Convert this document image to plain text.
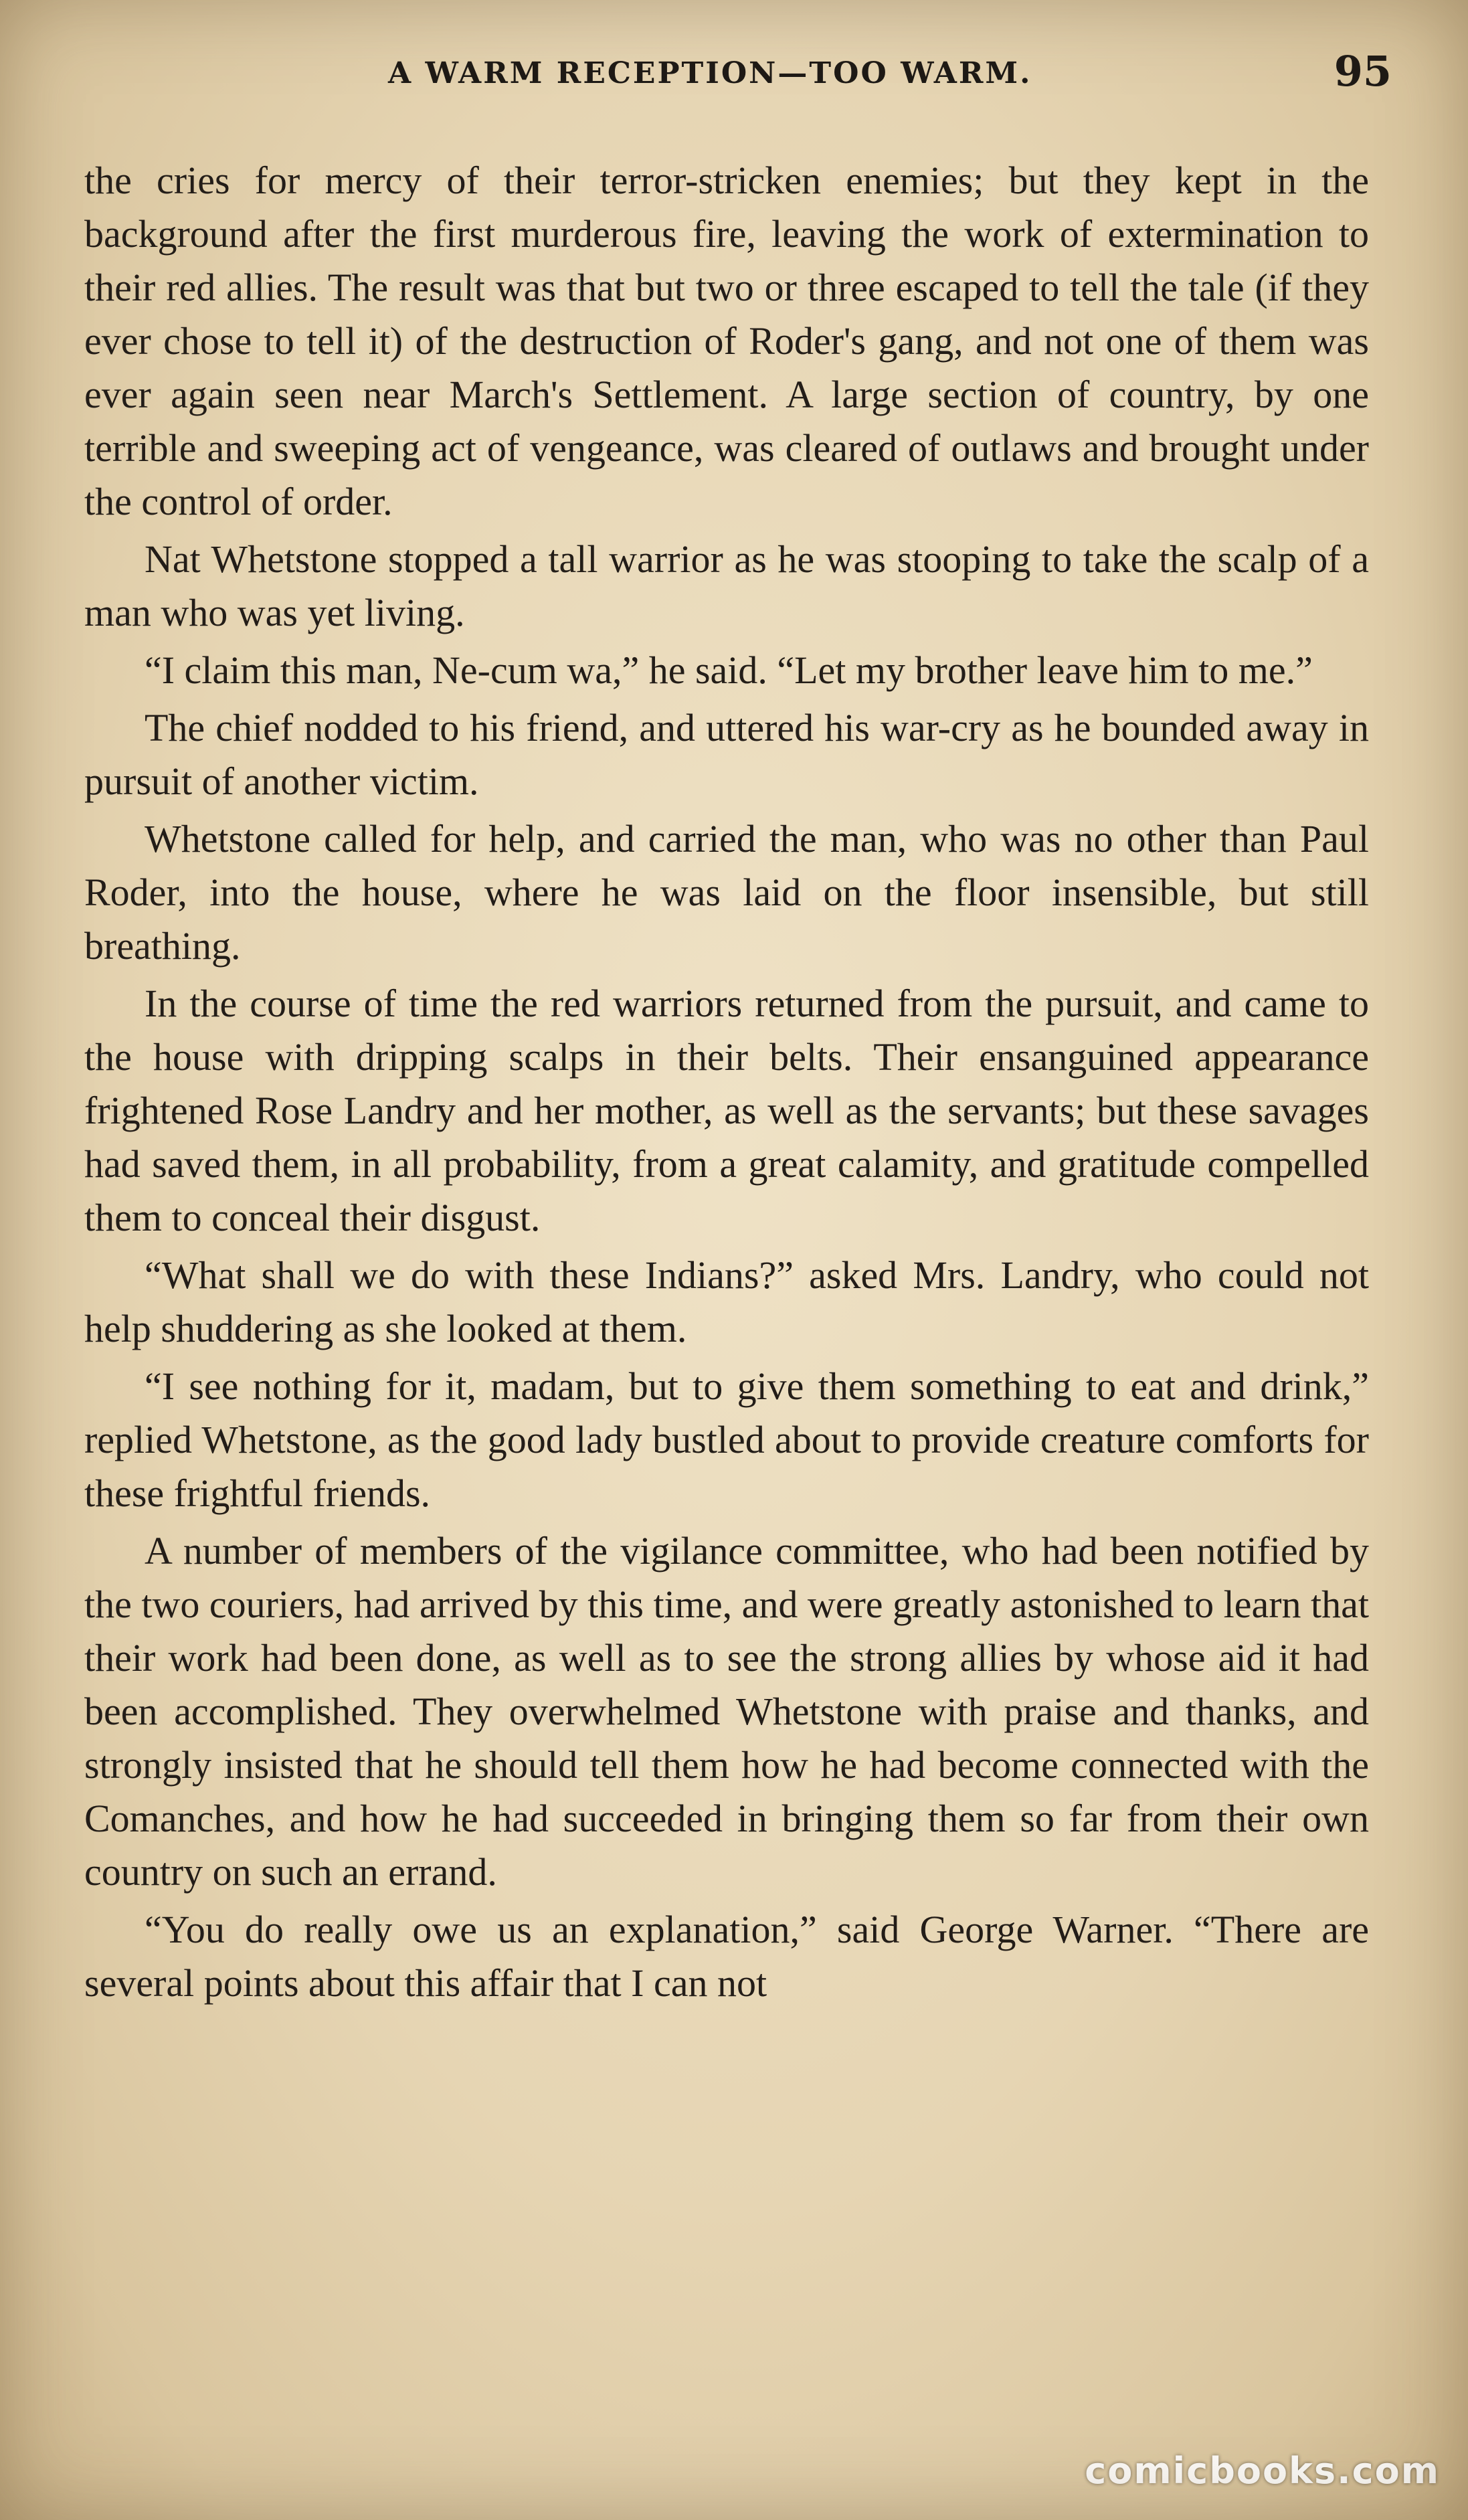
A WARM RECEPTION—TOO WARM.	95

the cries for mercy of their terror-stricken enemies; but they kept in the background after the first murderous fire, leaving the work of extermination to their red allies. The result was that but two or three escaped to tell the tale (if they ever chose to tell it) of the destruction of Roder's gang, and not one of them was ever again seen near March's Settlement. A large section of country, by one terrible and sweeping act of vengeance, was cleared of outlaws and brought under the control of order.

Nat Whetstone stopped a tall warrior as he was stooping to take the scalp of a man who was yet living.

“I claim this man, Ne-cum wa,” he said. “Let my brother leave him to me.”

The chief nodded to his friend, and uttered his war-cry as he bounded away in pursuit of another victim.

Whetstone called for help, and carried the man, who was no other than Paul Roder, into the house, where he was laid on the floor insensible, but still breathing.

In the course of time the red warriors returned from the pursuit, and came to the house with dripping scalps in their belts. Their ensanguined appearance frightened Rose Landry and her mother, as well as the servants; but these savages had saved them, in all probability, from a great calamity, and gratitude compelled them to conceal their disgust.

“What shall we do with these Indians?” asked Mrs. Landry, who could not help shuddering as she looked at them.

“I see nothing for it, madam, but to give them something to eat and drink,” replied Whetstone, as the good lady bustled about to provide creature comforts for these frightful friends.

A number of members of the vigilance committee, who had been notified by the two couriers, had arrived by this time, and were greatly astonished to learn that their work had been done, as well as to see the strong allies by whose aid it had been accomplished. They overwhelmed Whetstone with praise and thanks, and strongly insisted that he should tell them how he had become connected with the Comanches, and how he had succeeded in bringing them so far from their own country on such an errand.

“You do really owe us an explanation,” said George Warner. “There are several points about this affair that I can not

comicbooks.com
